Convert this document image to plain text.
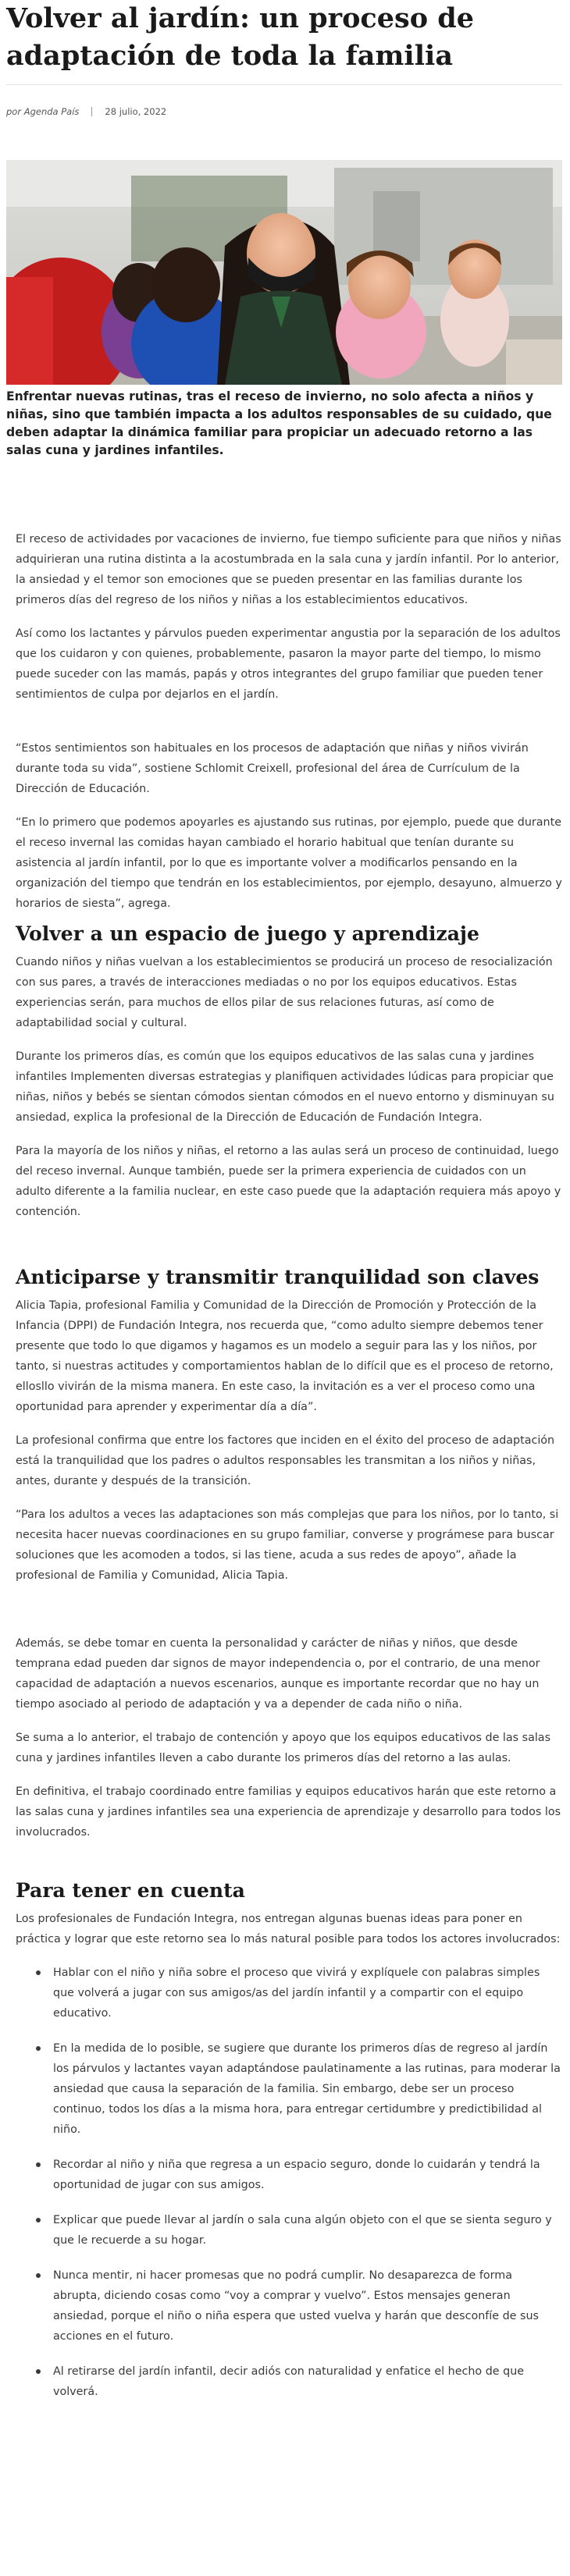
Volver al jardín: un proceso de adaptación de toda la familia
por Agenda País	28 julio, 2022

Enfrentar nuevas rutinas, tras el receso de invierno, no solo afecta a niños y niñas, sino que también impacta a los adultos responsables de su cuidado, que deben adaptar la dinámica familiar para propiciar un adecuado retorno a las salas cuna y jardines infantiles.

El receso de actividades por vacaciones de invierno, fue tiempo suficiente para que niños y niñas adquirieran una rutina distinta a la acostumbrada en la sala cuna y jardín infantil. Por lo anterior, la ansiedad y el temor son emociones que se pueden presentar en las familias durante los primeros días del regreso de los niños y niñas a los establecimientos educativos.

Así como los lactantes y párvulos pueden experimentar angustia por la separación de los adultos que los cuidaron y con quienes, probablemente, pasaron la mayor parte del tiempo, lo mismo puede suceder con las mamás, papás y otros integrantes del grupo familiar que pueden tener sentimientos de culpa por dejarlos en el jardín.

“Estos sentimientos son habituales en los procesos de adaptación que niñas y niños vivirán durante toda su vida”, sostiene Schlomit Creixell, profesional del área de Currículum de la Dirección de Educación.

“En lo primero que podemos apoyarles es ajustando sus rutinas, por ejemplo, puede que durante el receso invernal las comidas hayan cambiado el horario habitual que tenían durante su asistencia al jardín infantil, por lo que es importante volver a modificarlos pensando en la organización del tiempo que tendrán en los establecimientos, por ejemplo, desayuno, almuerzo y horarios de siesta”, agrega.

Volver a un espacio de juego y aprendizaje

Cuando niños y niñas vuelvan a los establecimientos se producirá un proceso de resocialización con sus pares, a través de interacciones mediadas o no por los equipos educativos. Estas experiencias serán, para muchos de ellos pilar de sus relaciones futuras, así como de adaptabilidad social y cultural.

Durante los primeros días, es común que los equipos educativos de las salas cuna y jardines infantiles Implementen diversas estrategias y planifiquen actividades lúdicas para propiciar que niñas, niños y bebés se sientan cómodos sientan cómodos en el nuevo entorno y disminuyan su ansiedad, explica la profesional de la Dirección de Educación de Fundación Integra.

Para la mayoría de los niños y niñas, el retorno a las aulas será un proceso de continuidad, luego del receso invernal. Aunque también, puede ser la primera experiencia de cuidados con un adulto diferente a la familia nuclear, en este caso puede que la adaptación requiera más apoyo y contención.

Anticiparse y transmitir tranquilidad son claves

Alicia Tapia, profesional Familia y Comunidad de la Dirección de Promoción y Protección de la Infancia (DPPI) de Fundación Integra, nos recuerda que, “como adulto siempre debemos tener presente que todo lo que digamos y hagamos es un modelo a seguir para las y los niños, por tanto, si nuestras actitudes y comportamientos hablan de lo difícil que es el proceso de retorno, ellosllo vivirán de la misma manera. En este caso, la invitación es a ver el proceso como una oportunidad para aprender y experimentar día a día”.

La profesional confirma que entre los factores que inciden en el éxito del proceso de adaptación está la tranquilidad que los padres o adultos responsables les transmitan a los niños y niñas, antes, durante y después de la transición.

“Para los adultos a veces las adaptaciones son más complejas que para los niños, por lo tanto, si necesita hacer nuevas coordinaciones en su grupo familiar, converse y prográmese para buscar soluciones que les acomoden a todos, si las tiene, acuda a sus redes de apoyo”, añade la profesional de Familia y Comunidad, Alicia Tapia.

Además, se debe tomar en cuenta la personalidad y carácter de niñas y niños, que desde temprana edad pueden dar signos de mayor independencia o, por el contrario, de una menor capacidad de adaptación a nuevos escenarios, aunque es importante recordar que no hay un tiempo asociado al periodo de adaptación y va a depender de cada niño o niña.

Se suma a lo anterior, el trabajo de contención y apoyo que los equipos educativos de las salas cuna y jardines infantiles lleven a cabo durante los primeros días del retorno a las aulas.

En definitiva, el trabajo coordinado entre familias y equipos educativos harán que este retorno a las salas cuna y jardines infantiles sea una experiencia de aprendizaje y desarrollo para todos los involucrados.

Para tener en cuenta

Los profesionales de Fundación Integra, nos entregan algunas buenas ideas para poner en práctica y lograr que este retorno sea lo más natural posible para todos los actores involucrados:

Hablar con el niño y niña sobre el proceso que vivirá y explíquele con palabras simples que volverá a jugar con sus amigos/as del jardín infantil y a compartir con el equipo educativo.
En la medida de lo posible, se sugiere que durante los primeros días de regreso al jardín los párvulos y lactantes vayan adaptándose paulatinamente a las rutinas, para moderar la ansiedad que causa la separación de la familia. Sin embargo, debe ser un proceso continuo, todos los días a la misma hora, para entregar certidumbre y predictibilidad al niño.
Recordar al niño y niña que regresa a un espacio seguro, donde lo cuidarán y tendrá la oportunidad de jugar con sus amigos.
Explicar que puede llevar al jardín o sala cuna algún objeto con el que se sienta seguro y que le recuerde a su hogar.
Nunca mentir, ni hacer promesas que no podrá cumplir. No desaparezca de forma abrupta, diciendo cosas como “voy a comprar y vuelvo”. Estos mensajes generan ansiedad, porque el niño o niña espera que usted vuelva y harán que desconfíe de sus acciones en el futuro.
Al retirarse del jardín infantil, decir adiós con naturalidad y enfatice el hecho de que volverá.
